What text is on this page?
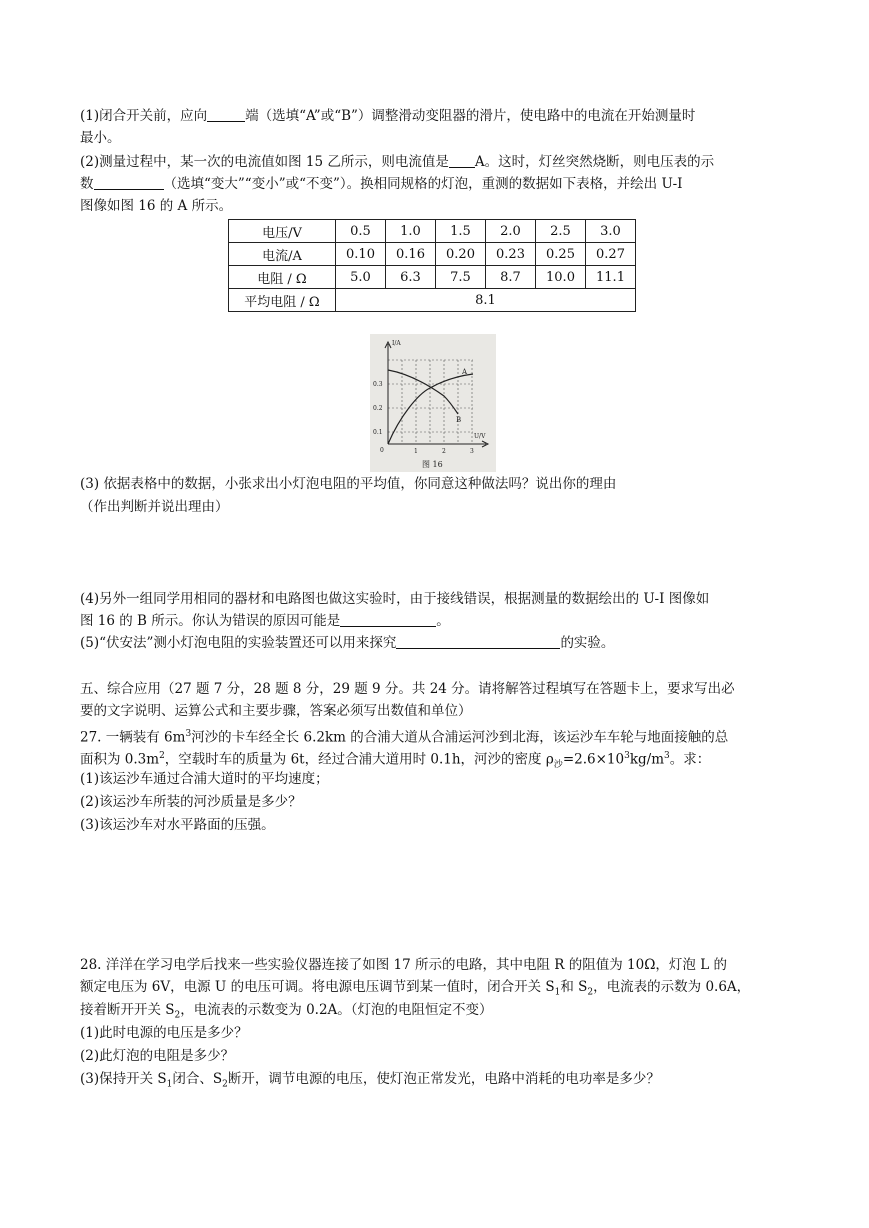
(1)闭合开关前，应向	端（选填“A”或“B”）调整滑动变阻器的滑片，使电路中的电流在开始测量时
最小。
(2)测量过程中，某一次的电流值如图 15 乙所示，则电流值是 A。这时，灯丝突然烧断，则电压表的示
数	（选填“变大”“变小”或“不变”）。换相同规格的灯泡，重测的数据如下表格，并绘出 U-I
图像如图 16 的 A 所示。
电压/V	0.5	1.0	1.5	2.0	2.5	3.0
电流/A	0.10	0.16	0.20	0.23	0.25	0.27
电阻 / Ω	5.0	6.3	7.5	8.7	10.0	11.1
平均电阻 / Ω	8.1					
I/A
U/V
0
0.1
0.2
0.3
1	2	3
A
B
图 16
(3) 依据表格中的数据，小张求出小灯泡电阻的平均值，你同意这种做法吗？说出你的理由
（作出判断并说出理由）
(4)另外一组同学用相同的器材和电路图也做这实验时，由于接线错误，根据测量的数据绘出的 U-I 图像如
图 16 的 B 所示。你认为错误的原因可能是	。
(5)“伏安法”测小灯泡电阻的实验装置还可以用来探究	的实验。
五、综合应用（27 题 7 分，28 题 8 分，29 题 9 分。共 24 分。请将解答过程填写在答题卡上，要求写出必
要的文字说明、运算公式和主要步骤，答案必须写出数值和单位）
27. 一辆装有 $6m^3$河沙的卡车经全长 6.2km 的合浦大道从合浦运河沙到北海，该运沙车车轮与地面接触的总
面积为 $0.3m^2$，空载时车的质量为 6t，经过合浦大道用时 0.1h，河沙的密度 $\rho_沙=2.6\times 10^3kg/m^3$。求：
(1)该运沙车通过合浦大道时的平均速度；
(2)该运沙车所装的河沙质量是多少？
(3)该运沙车对水平路面的压强。
28. 洋洋在学习电学后找来一些实验仪器连接了如图 17 所示的电路，其中电阻 R 的阻值为 10Ω，灯泡 L 的
额定电压为 6V，电源 U 的电压可调。将电源电压调节到某一值时，闭合开关 $S_1$和 $S_2$，电流表的示数为 0.6A，
接着断开开关 $S_2$，电流表的示数变为 0.2A。（灯泡的电阻恒定不变）
(1)此时电源的电压是多少？
(2)此灯泡的电阻是多少？
(3)保持开关 $S_1$闭合、$S_2$断开，调节电源的电压，使灯泡正常发光，电路中消耗的电功率是多少？
